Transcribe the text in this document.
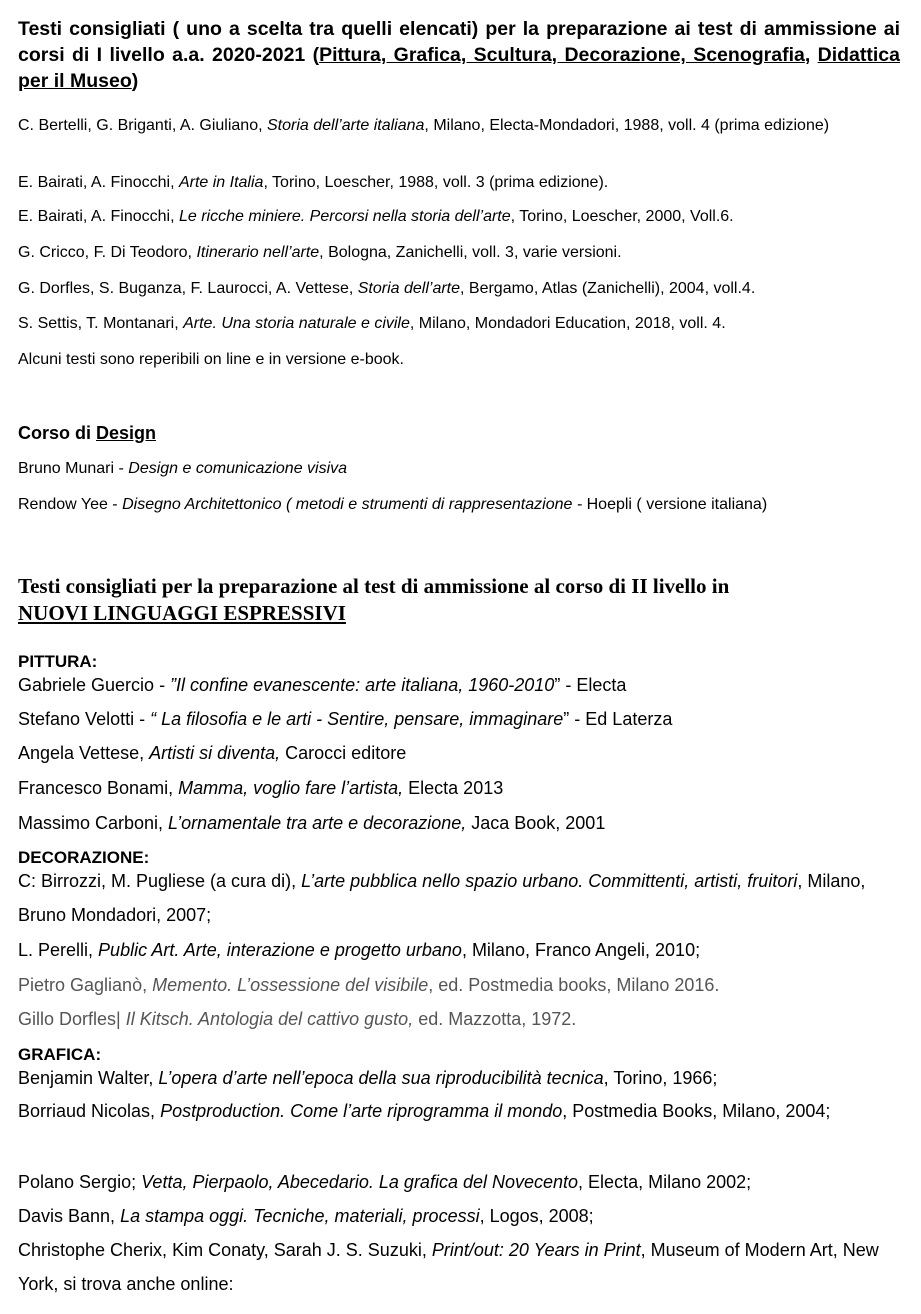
Testi consigliati ( uno a scelta tra quelli elencati) per la preparazione ai test di ammissione ai corsi di I livello a.a. 2020-2021 (Pittura, Grafica, Scultura, Decorazione, Scenografia, Didattica per il Museo)
C. Bertelli, G. Briganti, A. Giuliano, Storia dell’arte italiana, Milano, Electa-Mondadori, 1988, voll. 4 (prima edizione)
E. Bairati, A. Finocchi, Arte in Italia, Torino, Loescher, 1988, voll. 3 (prima edizione).
E. Bairati, A. Finocchi, Le ricche miniere. Percorsi nella storia dell’arte, Torino, Loescher, 2000, Voll.6.
G. Cricco, F. Di Teodoro, Itinerario nell’arte, Bologna, Zanichelli, voll. 3, varie versioni.
G. Dorfles, S. Buganza, F. Laurocci, A. Vettese, Storia dell’arte, Bergamo, Atlas (Zanichelli), 2004, voll.4.
S. Settis, T. Montanari, Arte. Una storia naturale e civile, Milano, Mondadori Education, 2018, voll. 4.
Alcuni testi sono reperibili on line e in versione e-book.
Corso di Design
Bruno Munari - Design e comunicazione visiva
Rendow Yee - Disegno Architettonico ( metodi e strumenti di rappresentazione - Hoepli ( versione italiana)
Testi consigliati per la preparazione al test di ammissione al corso di II livello in
NUOVI LINGUAGGI ESPRESSIVI
PITTURA:
Gabriele Guercio - ”Il confine evanescente: arte italiana, 1960-2010” - Electa
Stefano Velotti - “ La filosofia e le arti - Sentire, pensare, immaginare” - Ed Laterza
Angela Vettese, Artisti si diventa, Carocci editore
Francesco Bonami, Mamma, voglio fare l’artista, Electa 2013
Massimo Carboni, L’ornamentale tra arte e decorazione, Jaca Book, 2001
DECORAZIONE:
C: Birrozzi, M. Pugliese (a cura di), L’arte pubblica nello spazio urbano. Committenti, artisti, fruitori, Milano, Bruno Mondadori, 2007;
L. Perelli, Public Art. Arte, interazione e progetto urbano, Milano, Franco Angeli, 2010;
Pietro Gaglianò, Memento. L’ossessione del visibile, ed. Postmedia books, Milano 2016.
Gillo Dorfles| Il Kitsch. Antologia del cattivo gusto, ed. Mazzotta, 1972.
GRAFICA:
Benjamin Walter, L’opera d’arte nell’epoca della sua riproducibilità tecnica, Torino, 1966;
Borriaud Nicolas, Postproduction. Come l’arte riprogramma il mondo, Postmedia Books, Milano, 2004;
Polano Sergio; Vetta, Pierpaolo, Abecedario. La grafica del Novecento, Electa, Milano 2002;
Davis Bann, La stampa oggi. Tecniche, materiali, processi, Logos, 2008;
Christophe Cherix, Kim Conaty, Sarah J. S. Suzuki, Print/out: 20 Years in Print, Museum of Modern Art, New York, si trova anche online:
